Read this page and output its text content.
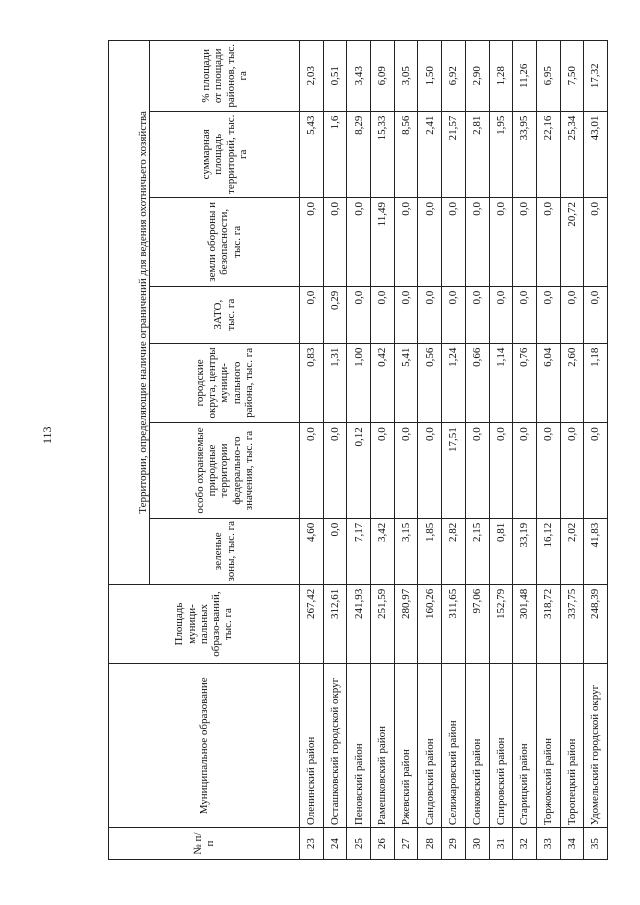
113
№ п/п	Муниципальное образование	Площадь муници-пальных образо-ваний, тыс. га	Территории, определяющие наличие ограничений для ведения охотничьего хозяйства						
			зеленые зоны, тыс. га	особо охраняемые природные территории федерально-го значения, тыс. га	городские округа, центры муници-пального района, тыс. га	ЗАТО, тыс. га	земли обороны и безопасности, тыс. га	суммарная площадь территорий, тыс. га	% площади от площади районов, тыс. га
23	Оленинский район	267,42	4,60	0,0	0,83	0,0	0,0	5,43	2,03
24	Осташковский городской округ	312,61	0,0	0,0	1,31	0,29	0,0	1,6	0,51
25	Пеновский район	241,93	7,17	0,12	1,00	0,0	0,0	8,29	3,43
26	Рамешковский район	251,59	3,42	0,0	0,42	0,0	11,49	15,33	6,09
27	Ржевский район	280,97	3,15	0,0	5,41	0,0	0,0	8,56	3,05
28	Сандовский район	160,26	1,85	0,0	0,56	0,0	0,0	2,41	1,50
29	Селижаровский район	311,65	2,82	17,51	1,24	0,0	0,0	21,57	6,92
30	Сонковский район	97,06	2,15	0,0	0,66	0,0	0,0	2,81	2,90
31	Спировский район	152,79	0,81	0,0	1,14	0,0	0,0	1,95	1,28
32	Старицкий район	301,48	33,19	0,0	0,76	0,0	0,0	33,95	11,26
33	Торжокский район	318,72	16,12	0,0	6,04	0,0	0,0	22,16	6,95
34	Торопецкий район	337,75	2,02	0,0	2,60	0,0	20,72	25,34	7,50
35	Удомельский городской округ	248,39	41,83	0,0	1,18	0,0	0,0	43,01	17,32
